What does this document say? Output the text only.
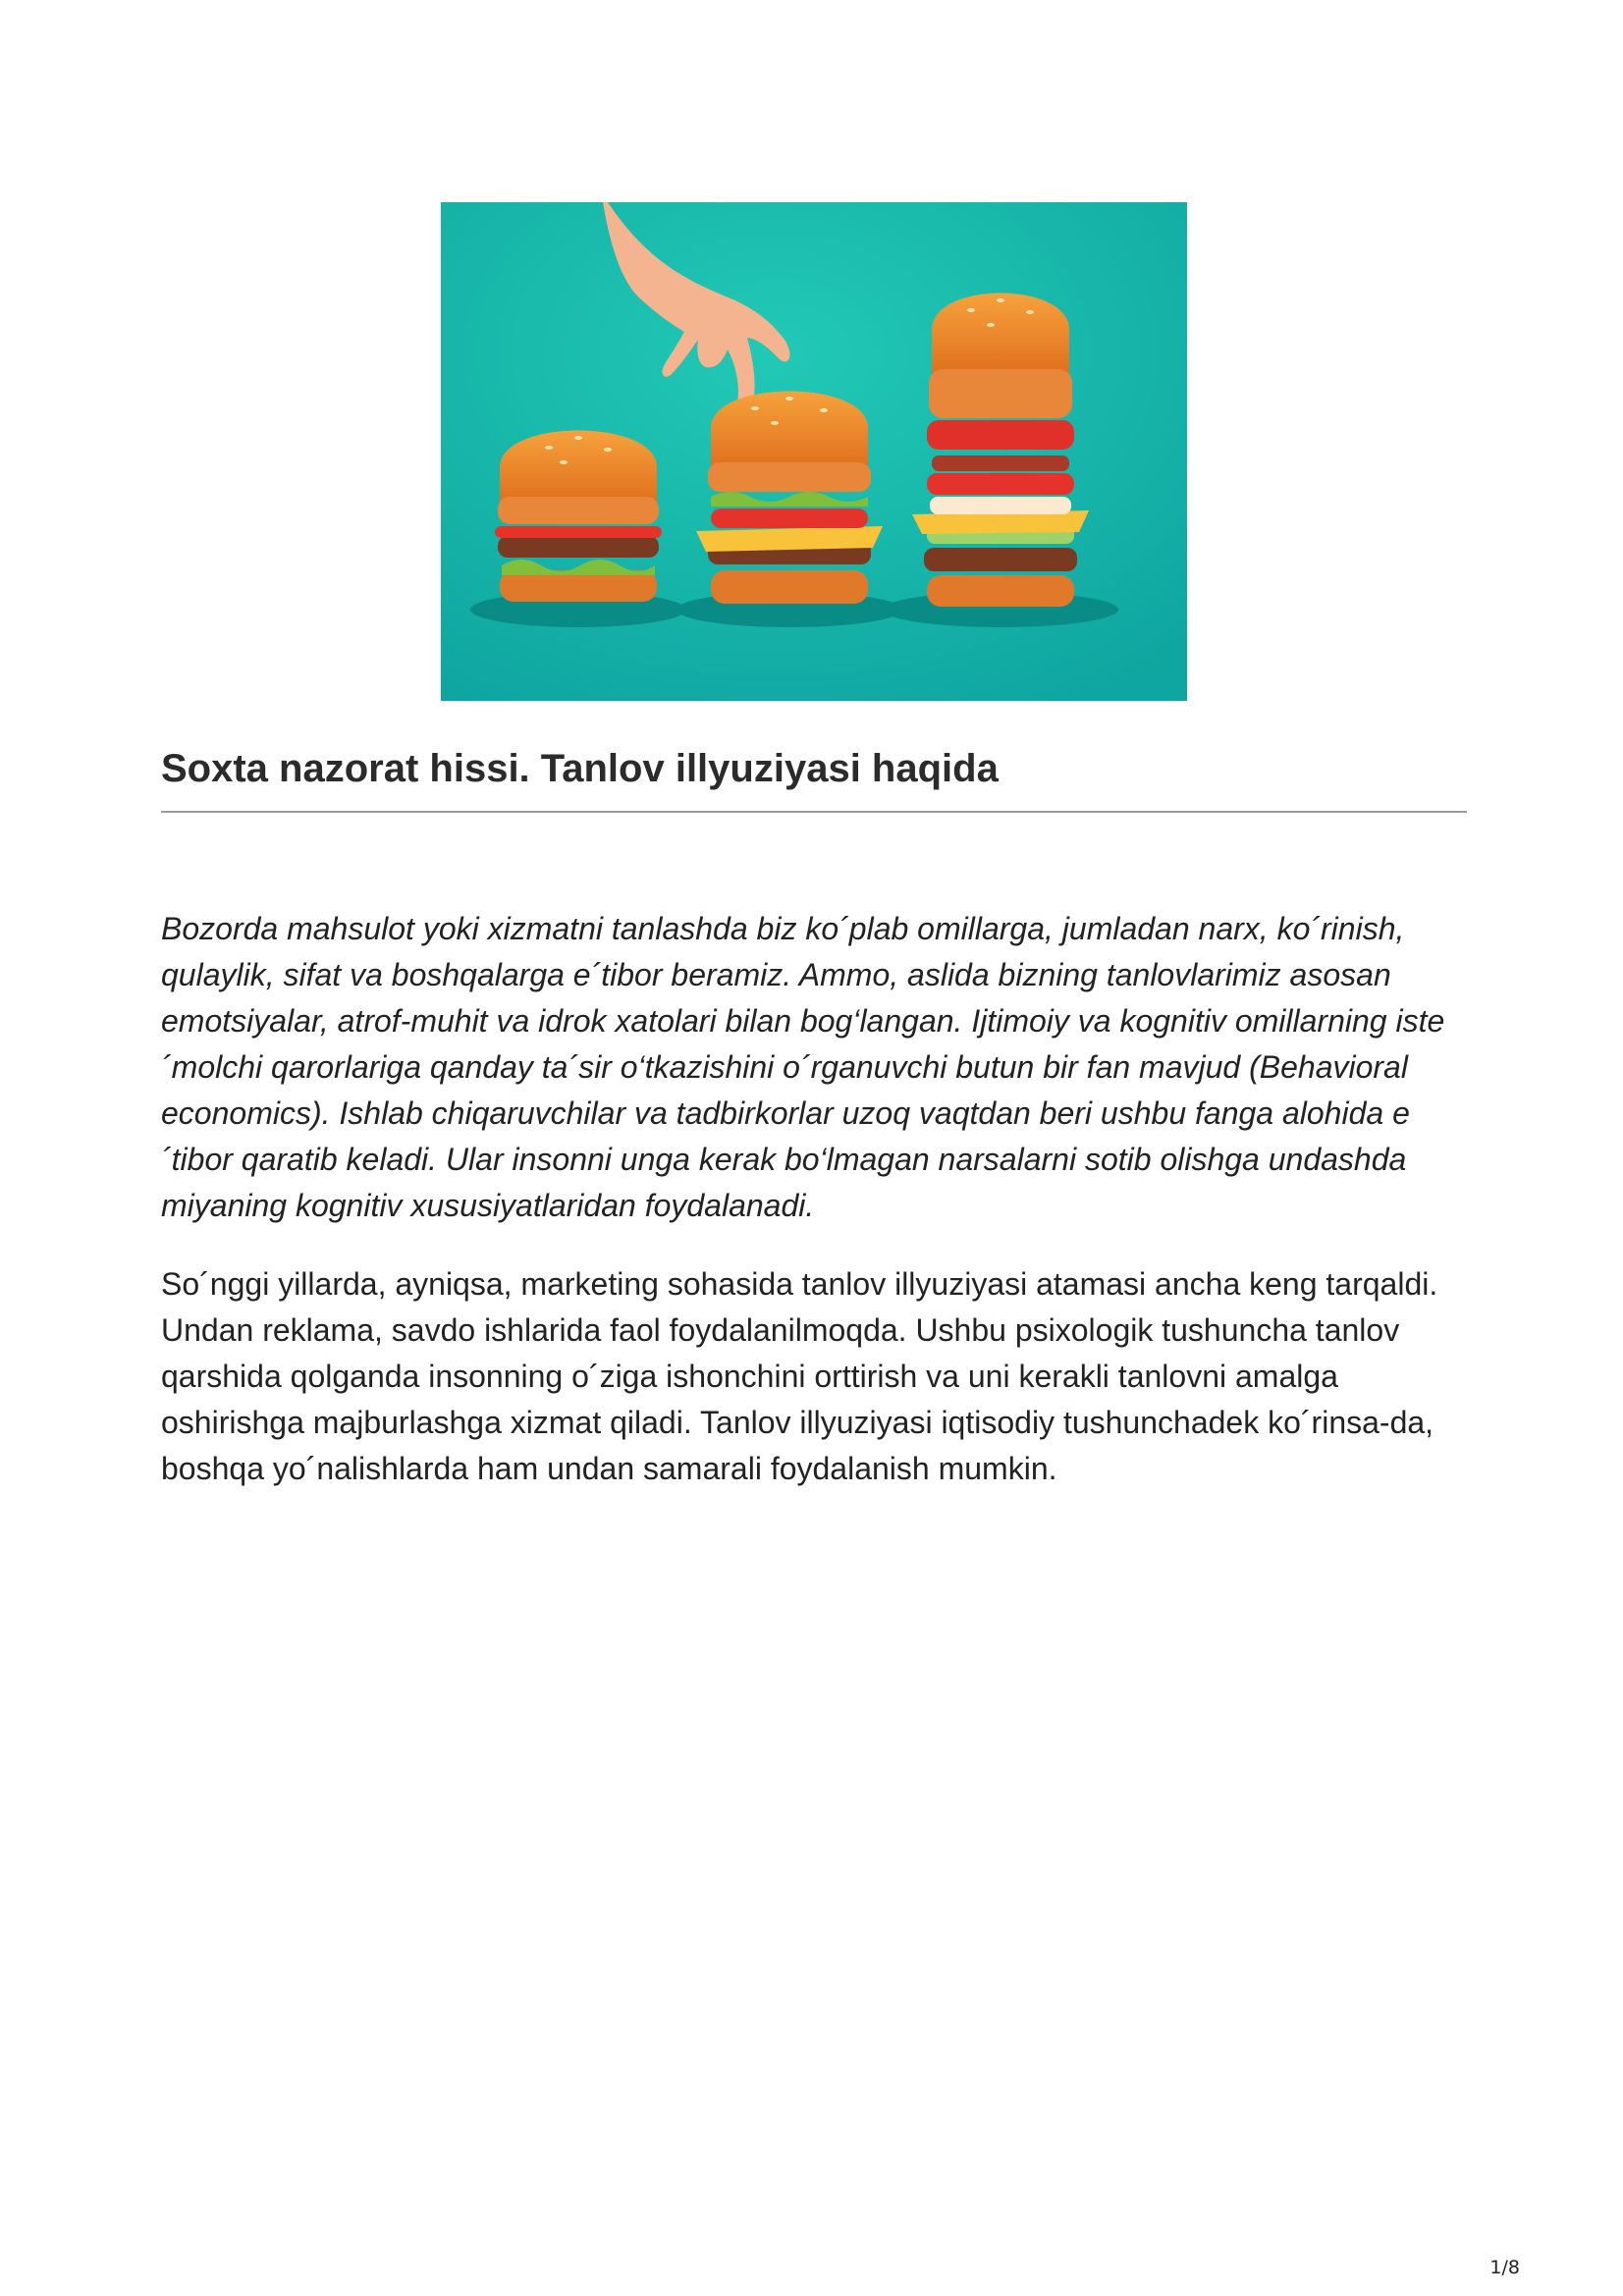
Soxta nazorat hissi. Tanlov illyuziyasi haqida

Bozorda mahsulot yoki xizmatni tanlashda biz ko´plab omillarga, jumladan narx, ko´rinish, qulaylik, sifat va boshqalarga e´tibor beramiz. Ammo, aslida bizning tanlovlarimiz asosan emotsiyalar, atrof-muhit va idrok xatolari bilan bog‘langan. Ijtimoiy va kognitiv omillarning iste´molchi qarorlariga qanday ta´sir o‘tkazishini o´rganuvchi butun bir fan mavjud (Behavioral economics). Ishlab chiqaruvchilar va tadbirkorlar uzoq vaqtdan beri ushbu fanga alohida e´tibor qaratib keladi. Ular insonni unga kerak bo‘lmagan narsalarni sotib olishga undashda miyaning kognitiv xususiyatlaridan foydalanadi.

So´nggi yillarda, ayniqsa, marketing sohasida tanlov illyuziyasi atamasi ancha keng tarqaldi. Undan reklama, savdo ishlarida faol foydalanilmoqda. Ushbu psixologik tushuncha tanlov qarshida qolganda insonning o´ziga ishonchini orttirish va uni kerakli tanlovni amalga oshirishga majburlashga xizmat qiladi. Tanlov illyuziyasi iqtisodiy tushunchadek ko´rinsa-da, boshqa yo´nalishlarda ham undan samarali foydalanish mumkin.

1/8
